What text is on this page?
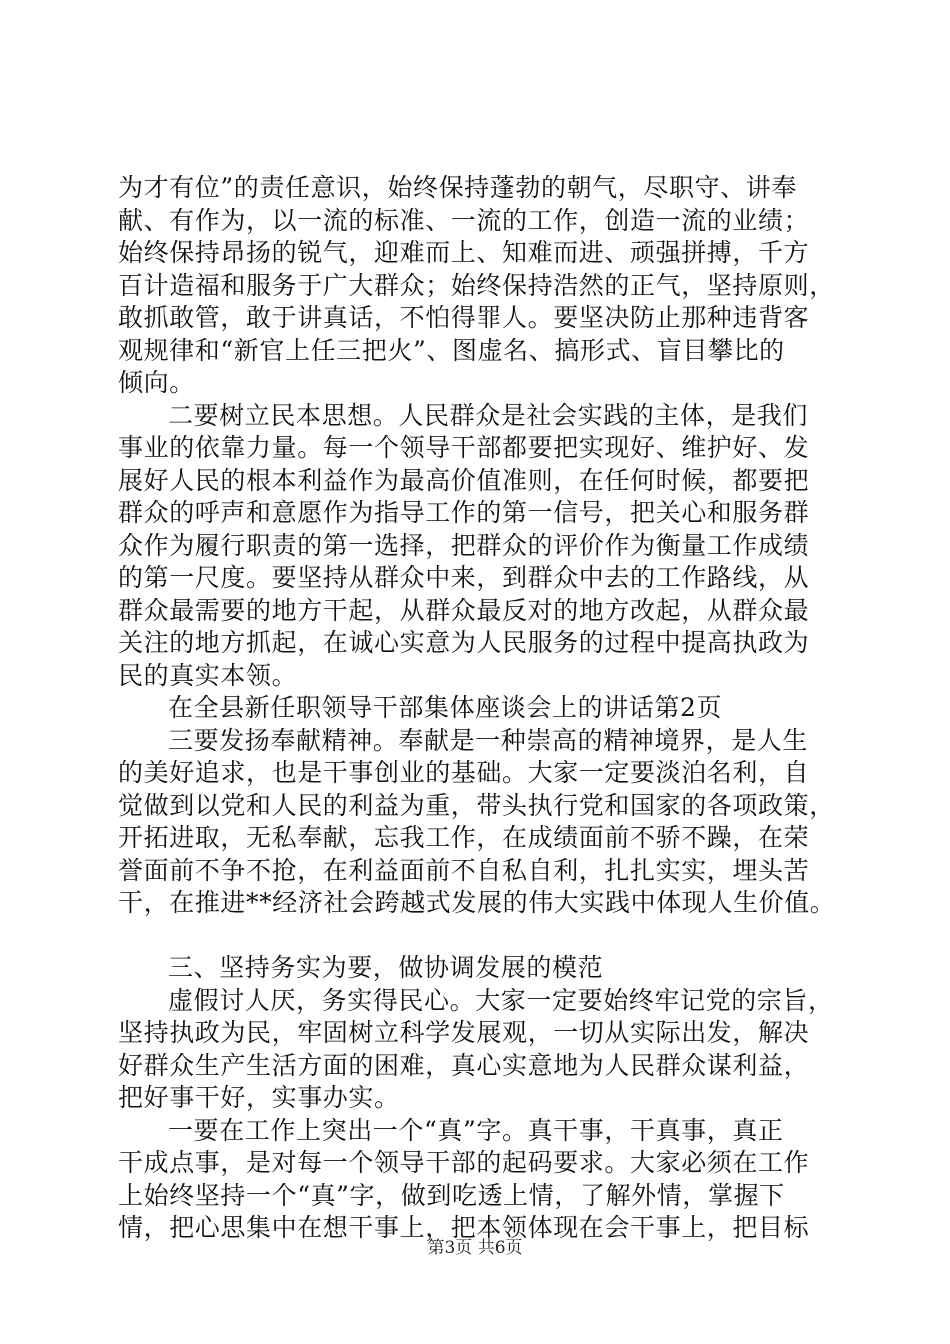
为才有位”的责任意识，始终保持蓬勃的朝气，尽职守、讲奉
献、有作为，以一流的标准、一流的工作，创造一流的业绩；
始终保持昂扬的锐气，迎难而上、知难而进、顽强拼搏，千方
百计造福和服务于广大群众；始终保持浩然的正气，坚持原则，
敢抓敢管，敢于讲真话，不怕得罪人。要坚决防止那种违背客
观规律和“新官上任三把火”、图虚名、搞形式、盲目攀比的
倾向。
二要树立民本思想。人民群众是社会实践的主体，是我们
事业的依靠力量。每一个领导干部都要把实现好、维护好、发
展好人民的根本利益作为最高价值准则，在任何时候，都要把
群众的呼声和意愿作为指导工作的第一信号，把关心和服务群
众作为履行职责的第一选择，把群众的评价作为衡量工作成绩
的第一尺度。要坚持从群众中来，到群众中去的工作路线，从
群众最需要的地方干起，从群众最反对的地方改起，从群众最
关注的地方抓起，在诚心实意为人民服务的过程中提高执政为
民的真实本领。
在全县新任职领导干部集体座谈会上的讲话第2页
三要发扬奉献精神。奉献是一种崇高的精神境界，是人生
的美好追求，也是干事创业的基础。大家一定要淡泊名利，自
觉做到以党和人民的利益为重，带头执行党和国家的各项政策，
开拓进取，无私奉献，忘我工作，在成绩面前不骄不躁，在荣
誉面前不争不抢，在利益面前不自私自利，扎扎实实，埋头苦
干，在推进**经济社会跨越式发展的伟大实践中体现人生价值。
三、坚持务实为要，做协调发展的模范
虚假讨人厌，务实得民心。大家一定要始终牢记党的宗旨，
坚持执政为民，牢固树立科学发展观，一切从实际出发，解决
好群众生产生活方面的困难，真心实意地为人民群众谋利益，
把好事干好，实事办实。
一要在工作上突出一个“真”字。真干事，干真事，真正
干成点事，是对每一个领导干部的起码要求。大家必须在工作
上始终坚持一个“真”字，做到吃透上情，了解外情，掌握下
情，把心思集中在想干事上，把本领体现在会干事上，把目标
第3页 共6页
